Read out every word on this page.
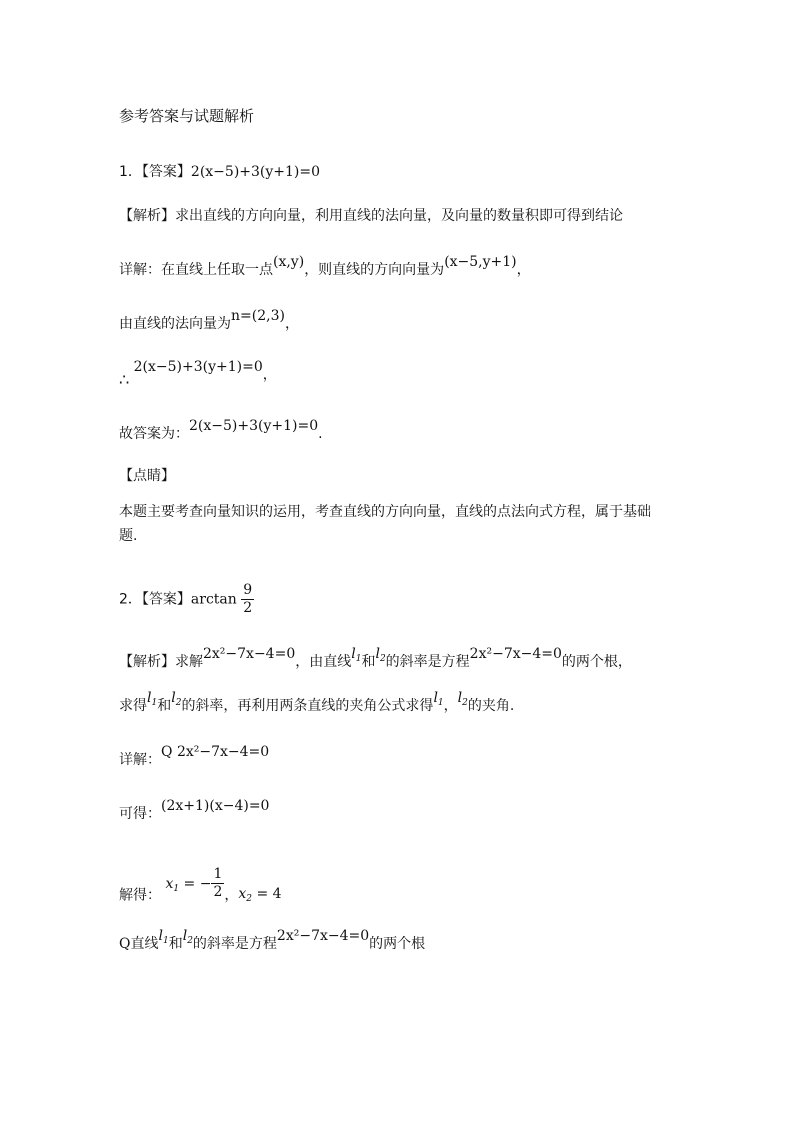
参考答案与试题解析
1．【答案】2(x−5)+3(y+1)=0
【解析】求出直线的方向向量，利用直线的法向量，及向量的数量积即可得到结论
详解：在直线上任取一点(x,y)，则直线的方向向量为(x−5,y+1)，
由直线的法向量为n=(2,3)，
∴ 2(x−5)+3(y+1)=0，
故答案为：2(x−5)+3(y+1)=0.
【点睛】
本题主要考查向量知识的运用，考查直线的方向向量，直线的点法向式方程，属于基础
题.
2．【答案】$\arctan \frac{9}{2}$
【解析】求解2x²−7x−4=0，由直线$l_1$和$l_2$的斜率是方程2x²−7x−4=0的两个根，
求得$l_1$和$l_2$的斜率，再利用两条直线的夹角公式求得$l_1$，$l_2$的夹角.
详解：Q 2x²−7x−4=0
可得：(2x+1)(x−4)=0
解得： $x_1$ = − $\frac{1}{2}$ ，$x_2 = 4$
Q直线$l_1$和$l_2$的斜率是方程2x²−7x−4=0的两个根
